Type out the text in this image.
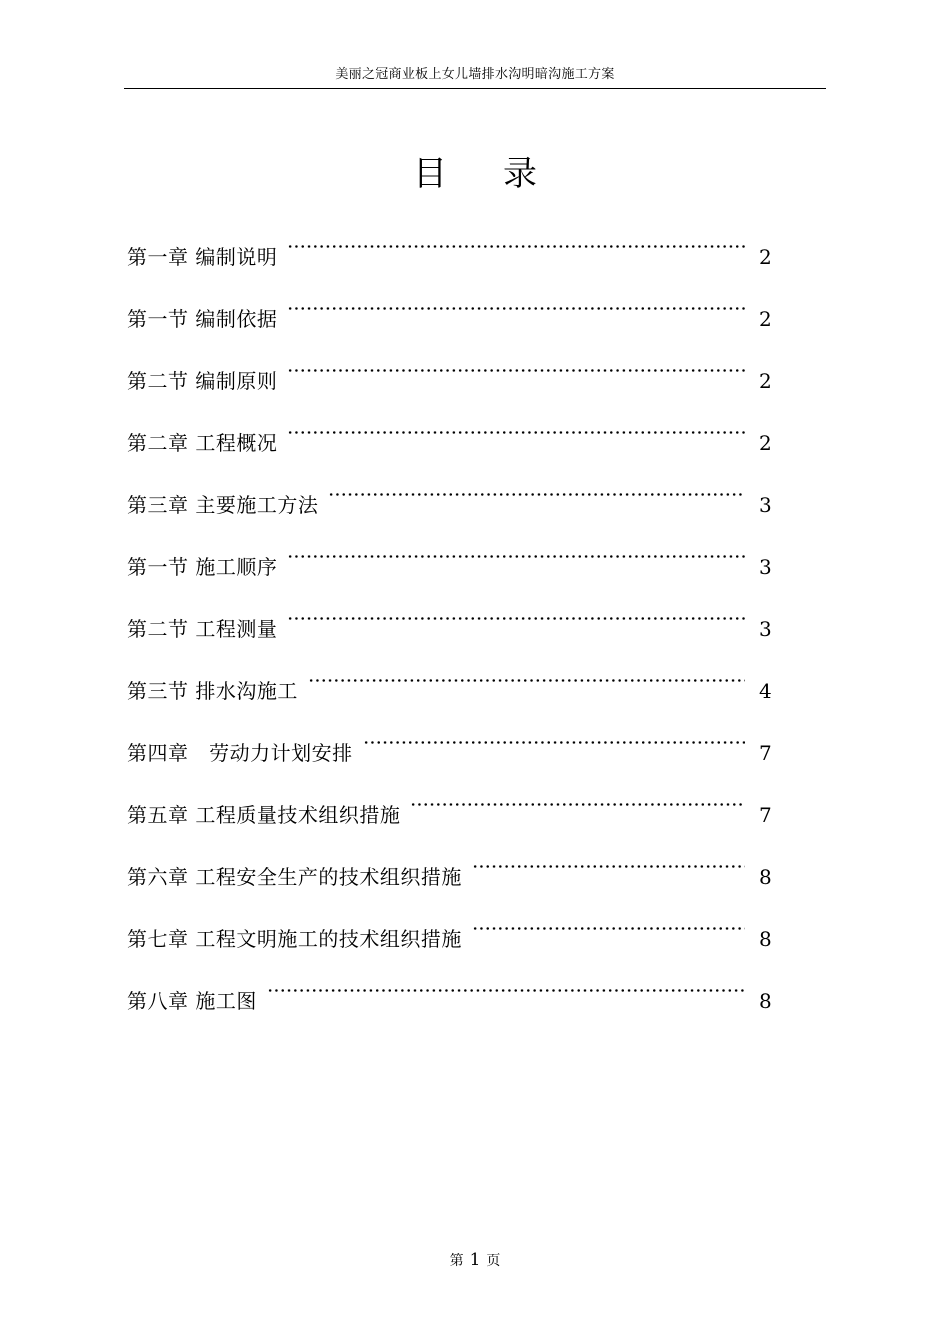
美丽之冠商业板上女儿墙排水沟明暗沟施工方案
目 录
第一章 编制说明	2
第一节 编制依据	2
第二节 编制原则	2
第二章 工程概况	2
第三章 主要施工方法	3
第一节 施工顺序	3
第二节 工程测量	3
第三节 排水沟施工	4
第四章   劳动力计划安排	7
第五章 工程质量技术组织措施	7
第六章 工程安全生产的技术组织措施	8
第七章 工程文明施工的技术组织措施	8
第八章 施工图	8
第 1 页
